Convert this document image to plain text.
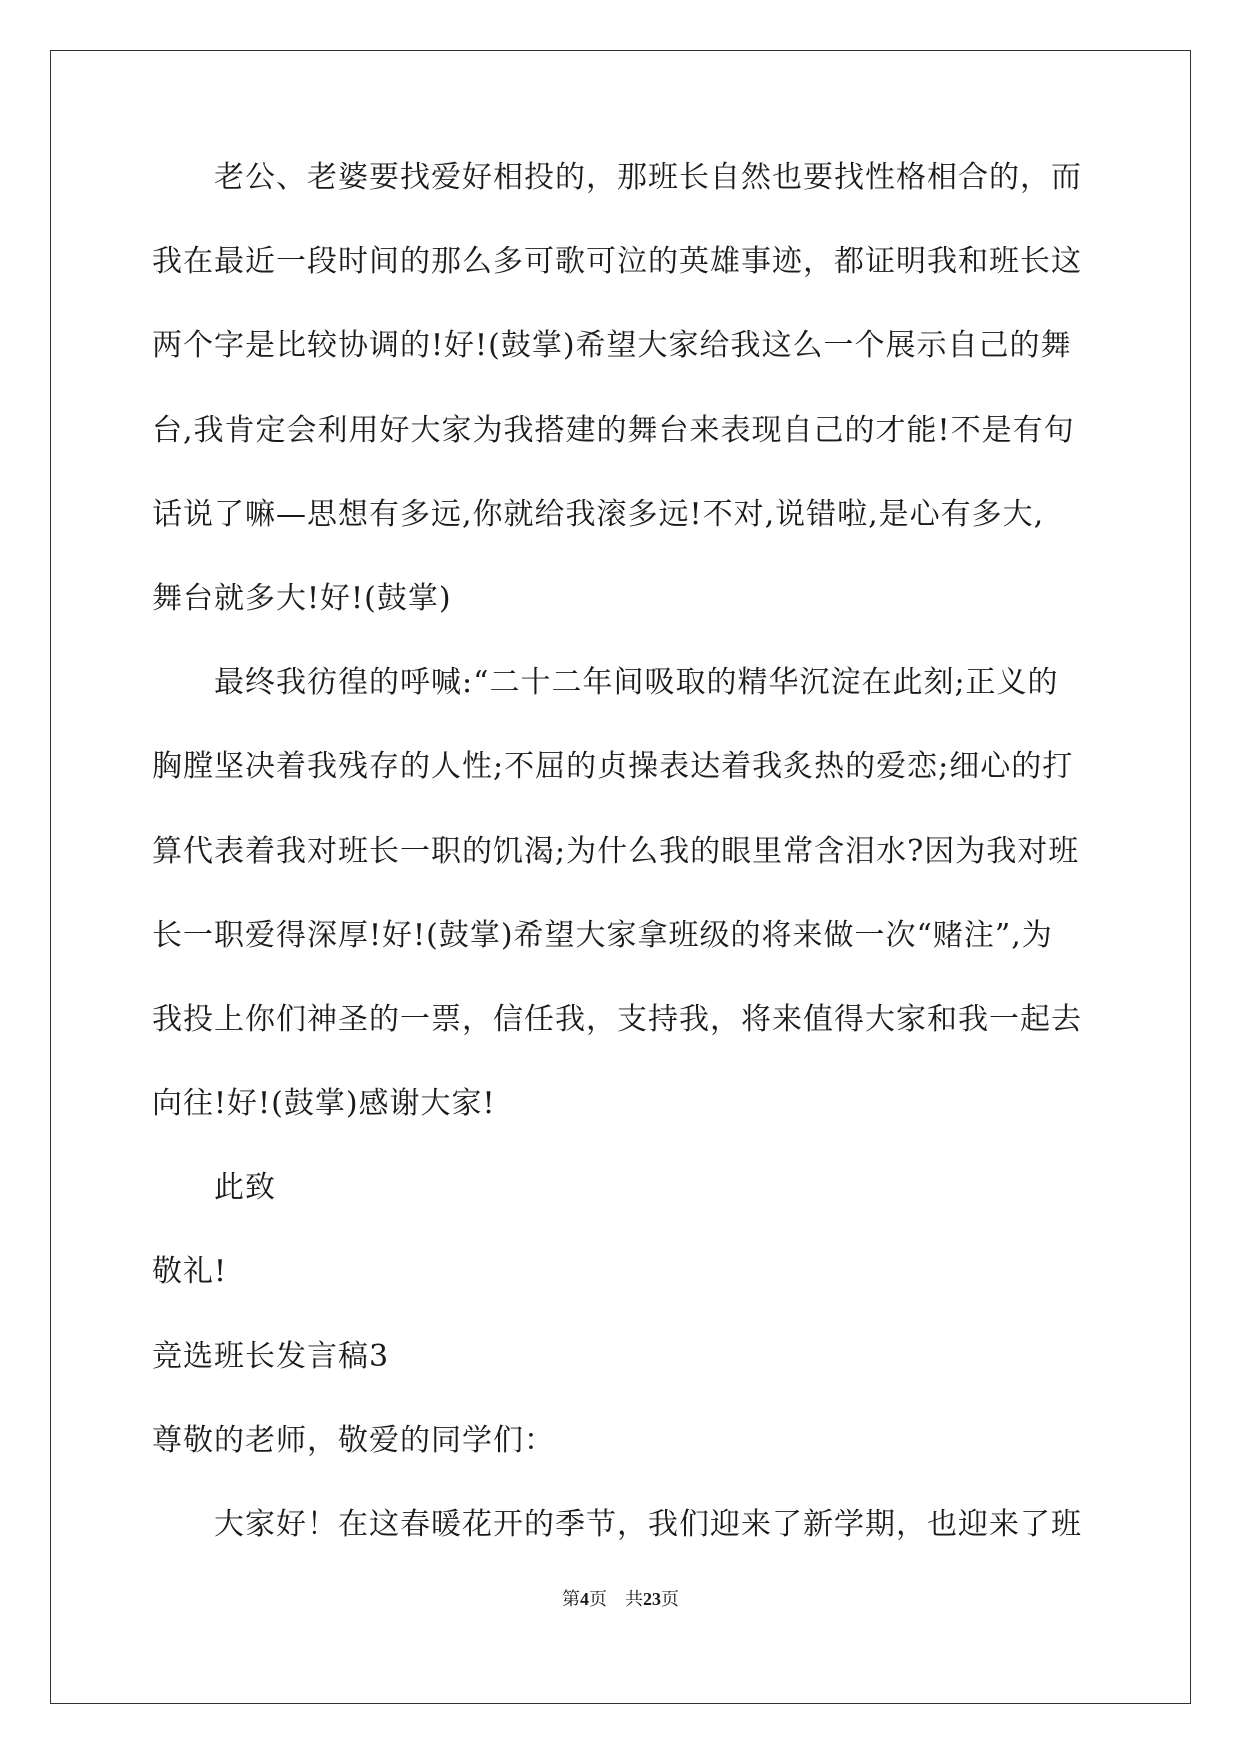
老公、老婆要找爱好相投的，那班长自然也要找性格相合的，而
我在最近一段时间的那么多可歌可泣的英雄事迹，都证明我和班长这
两个字是比较协调的!好!(鼓掌)希望大家给我这么一个展示自己的舞
台,我肯定会利用好大家为我搭建的舞台来表现自己的才能!不是有句
话说了嘛—思想有多远,你就给我滚多远!不对,说错啦,是心有多大,
舞台就多大!好!(鼓掌)
最终我彷徨的呼喊:“二十二年间吸取的精华沉淀在此刻;正义的
胸膛坚决着我残存的人性;不屈的贞操表达着我炙热的爱恋;细心的打
算代表着我对班长一职的饥渴;为什么我的眼里常含泪水?因为我对班
长一职爱得深厚!好!(鼓掌)希望大家拿班级的将来做一次“赌注”,为
我投上你们神圣的一票，信任我，支持我，将来值得大家和我一起去
向往!好!(鼓掌)感谢大家!
此致
敬礼!
竞选班长发言稿3
尊敬的老师，敬爱的同学们：
大家好！在这春暖花开的季节，我们迎来了新学期，也迎来了班
第4页 共23页
